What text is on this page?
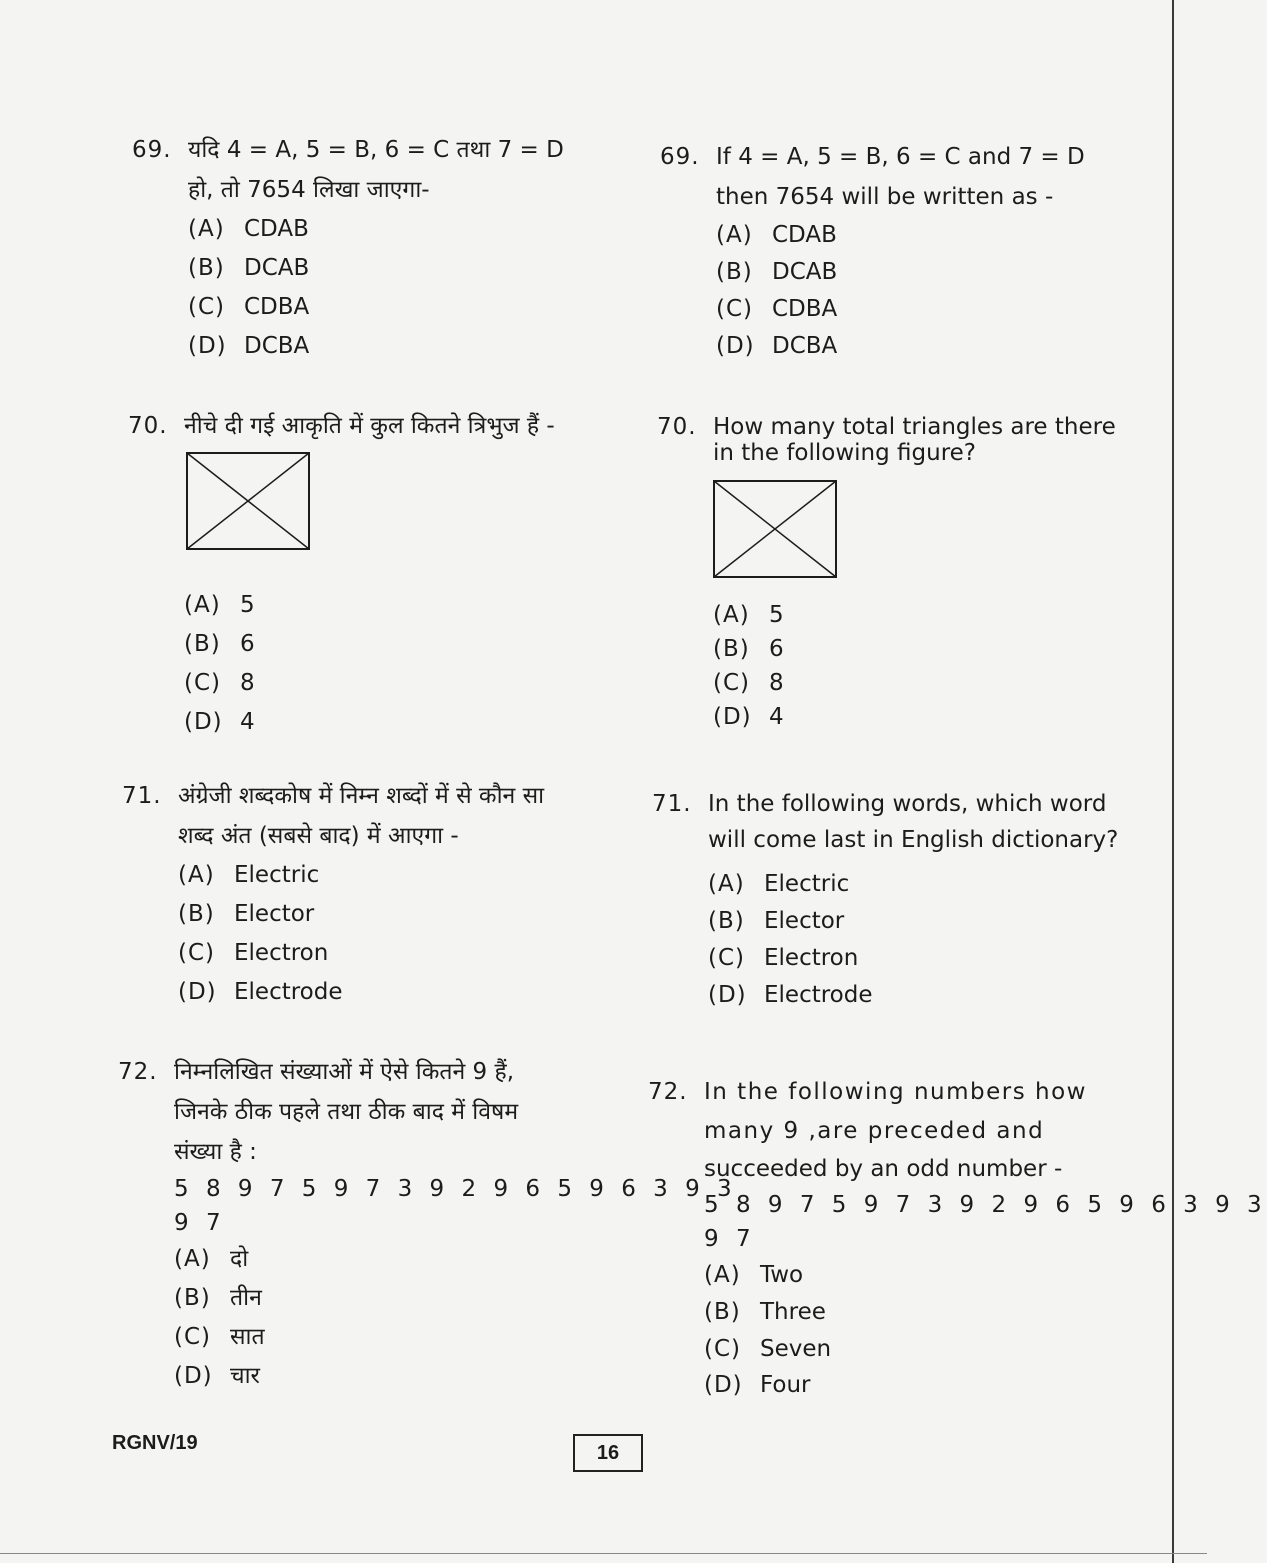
69. यदि 4 = A, 5 = B, 6 = C तथा 7 = D
हो, तो 7654 लिखा जाएगा-
(A) CDAB
(B) DCAB
(C) CDBA
(D) DCBA
70. नीचे दी गई आकृति में कुल कितने त्रिभुज हैं -
(A) 5
(B) 6
(C) 8
(D) 4
71. अंग्रेजी शब्दकोष में निम्न शब्दों में से कौन सा
शब्द अंत (सबसे बाद) में आएगा -
(A) Electric
(B) Elector
(C) Electron
(D) Electrode
72. निम्नलिखित संख्याओं में ऐसे कितने 9 हैं,
जिनके ठीक पहले तथा ठीक बाद में विषम
संख्या है :
5 8 9 7 5 9 7 3 9 2 9 6 5 9 6 3 9 3
9 7
(A) दो
(B) तीन
(C) सात
(D) चार
69. If 4 = A, 5 = B, 6 = C and 7 = D
then 7654 will be written as -
(A) CDAB
(B) DCAB
(C) CDBA
(D) DCBA
70. How many total triangles are there
in the following figure?
(A) 5
(B) 6
(C) 8
(D) 4
71. In the following words, which word
will come last in English dictionary?
(A) Electric
(B) Elector
(C) Electron
(D) Electrode
72. In the following numbers how
many 9 ,are preceded and
succeeded by an odd number -
5 8 9 7 5 9 7 3 9 2 9 6 5 9 6 3 9 3
9 7
(A) Two
(B) Three
(C) Seven
(D) Four
RGNV/19	16
